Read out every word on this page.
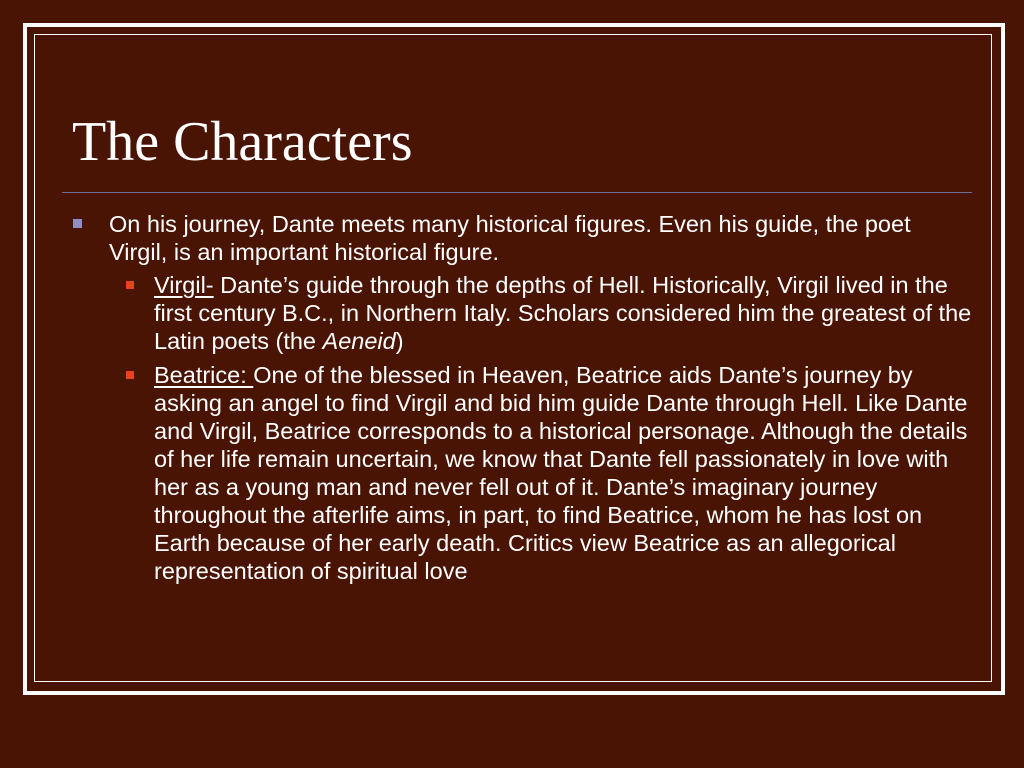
The Characters
On his journey, Dante meets many historical figures. Even his guide, the poet Virgil, is an important historical figure.
Virgil- Dante’s guide through the depths of Hell. Historically, Virgil lived in the first century B.C., in Northern Italy. Scholars considered him the greatest of the Latin poets (the Aeneid)
Beatrice: One of the blessed in Heaven, Beatrice aids Dante’s journey by asking an angel to find Virgil and bid him guide Dante through Hell. Like Dante and Virgil, Beatrice corresponds to a historical personage. Although the details of her life remain uncertain, we know that Dante fell passionately in love with her as a young man and never fell out of it. Dante’s imaginary journey throughout the afterlife aims, in part, to find Beatrice, whom he has lost on Earth because of her early death. Critics view Beatrice as an allegorical representation of spiritual love
